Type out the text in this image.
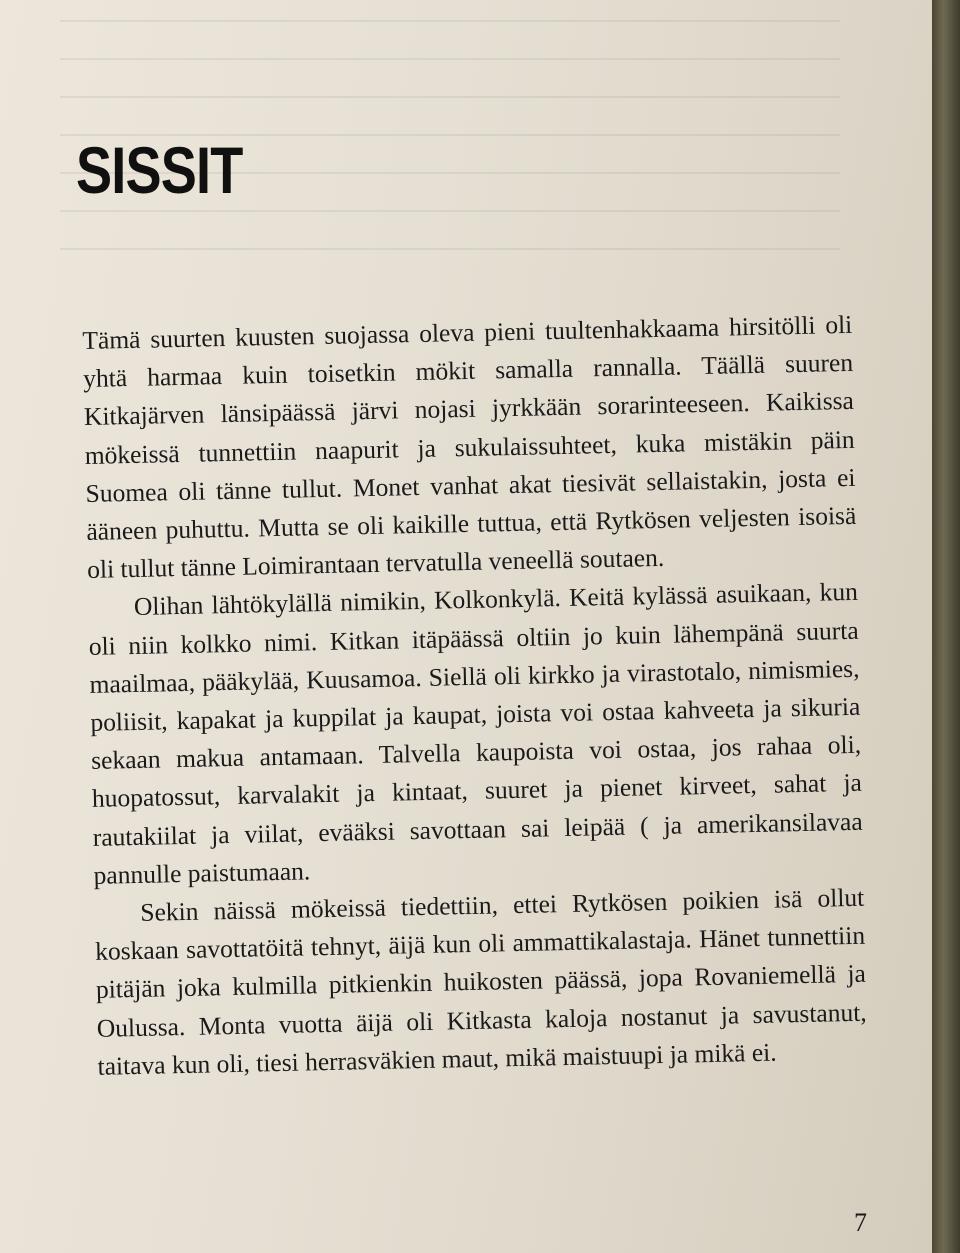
SISSIT

Tämä suurten kuusten suojassa oleva pieni tuultenhakkaama hirsitölli oli yhtä harmaa kuin toisetkin mökit samalla rannalla. Täällä suuren Kitkajärven länsipäässä järvi nojasi jyrkkään sorarinteeseen. Kaikissa mökeissä tunnettiin naapurit ja sukulaissuhteet, kuka mistäkin päin Suomea oli tänne tullut. Monet vanhat akat tiesivät sellaistakin, josta ei ääneen puhuttu. Mutta se oli kaikille tuttua, että Rytkösen veljesten isoisä oli tullut tänne Loimirantaan tervatulla veneellä soutaen.

Olihan lähtökylällä nimikin, Kolkonkylä. Keitä kylässä asuikaan, kun oli niin kolkko nimi. Kitkan itäpäässä oltiin jo kuin lähempänä suurta maailmaa, pääkylää, Kuusamoa. Siellä oli kirkko ja virastotalo, nimismies, poliisit, kapakat ja kuppilat ja kaupat, joista voi ostaa kahveeta ja sikuria sekaan makua antamaan. Talvella kaupoista voi ostaa, jos rahaa oli, huopatossut, karvalakit ja kintaat, suuret ja pienet kirveet, sahat ja rautakiilat ja viilat, evääksi savottaan sai leipää ( ja amerikansilavaa pannulle paistumaan.

Sekin näissä mökeissä tiedettiin, ettei Rytkösen poikien isä ollut koskaan savottatöitä tehnyt, äijä kun oli ammattikalastaja. Hänet tunnettiin pitäjän joka kulmilla pitkienkin huikosten päässä, jopa Rovaniemellä ja Oulussa. Monta vuotta äijä oli Kitkasta kaloja nostanut ja savustanut, taitava kun oli, tiesi herrasväkien maut, mikä maistuupi ja mikä ei.

7
